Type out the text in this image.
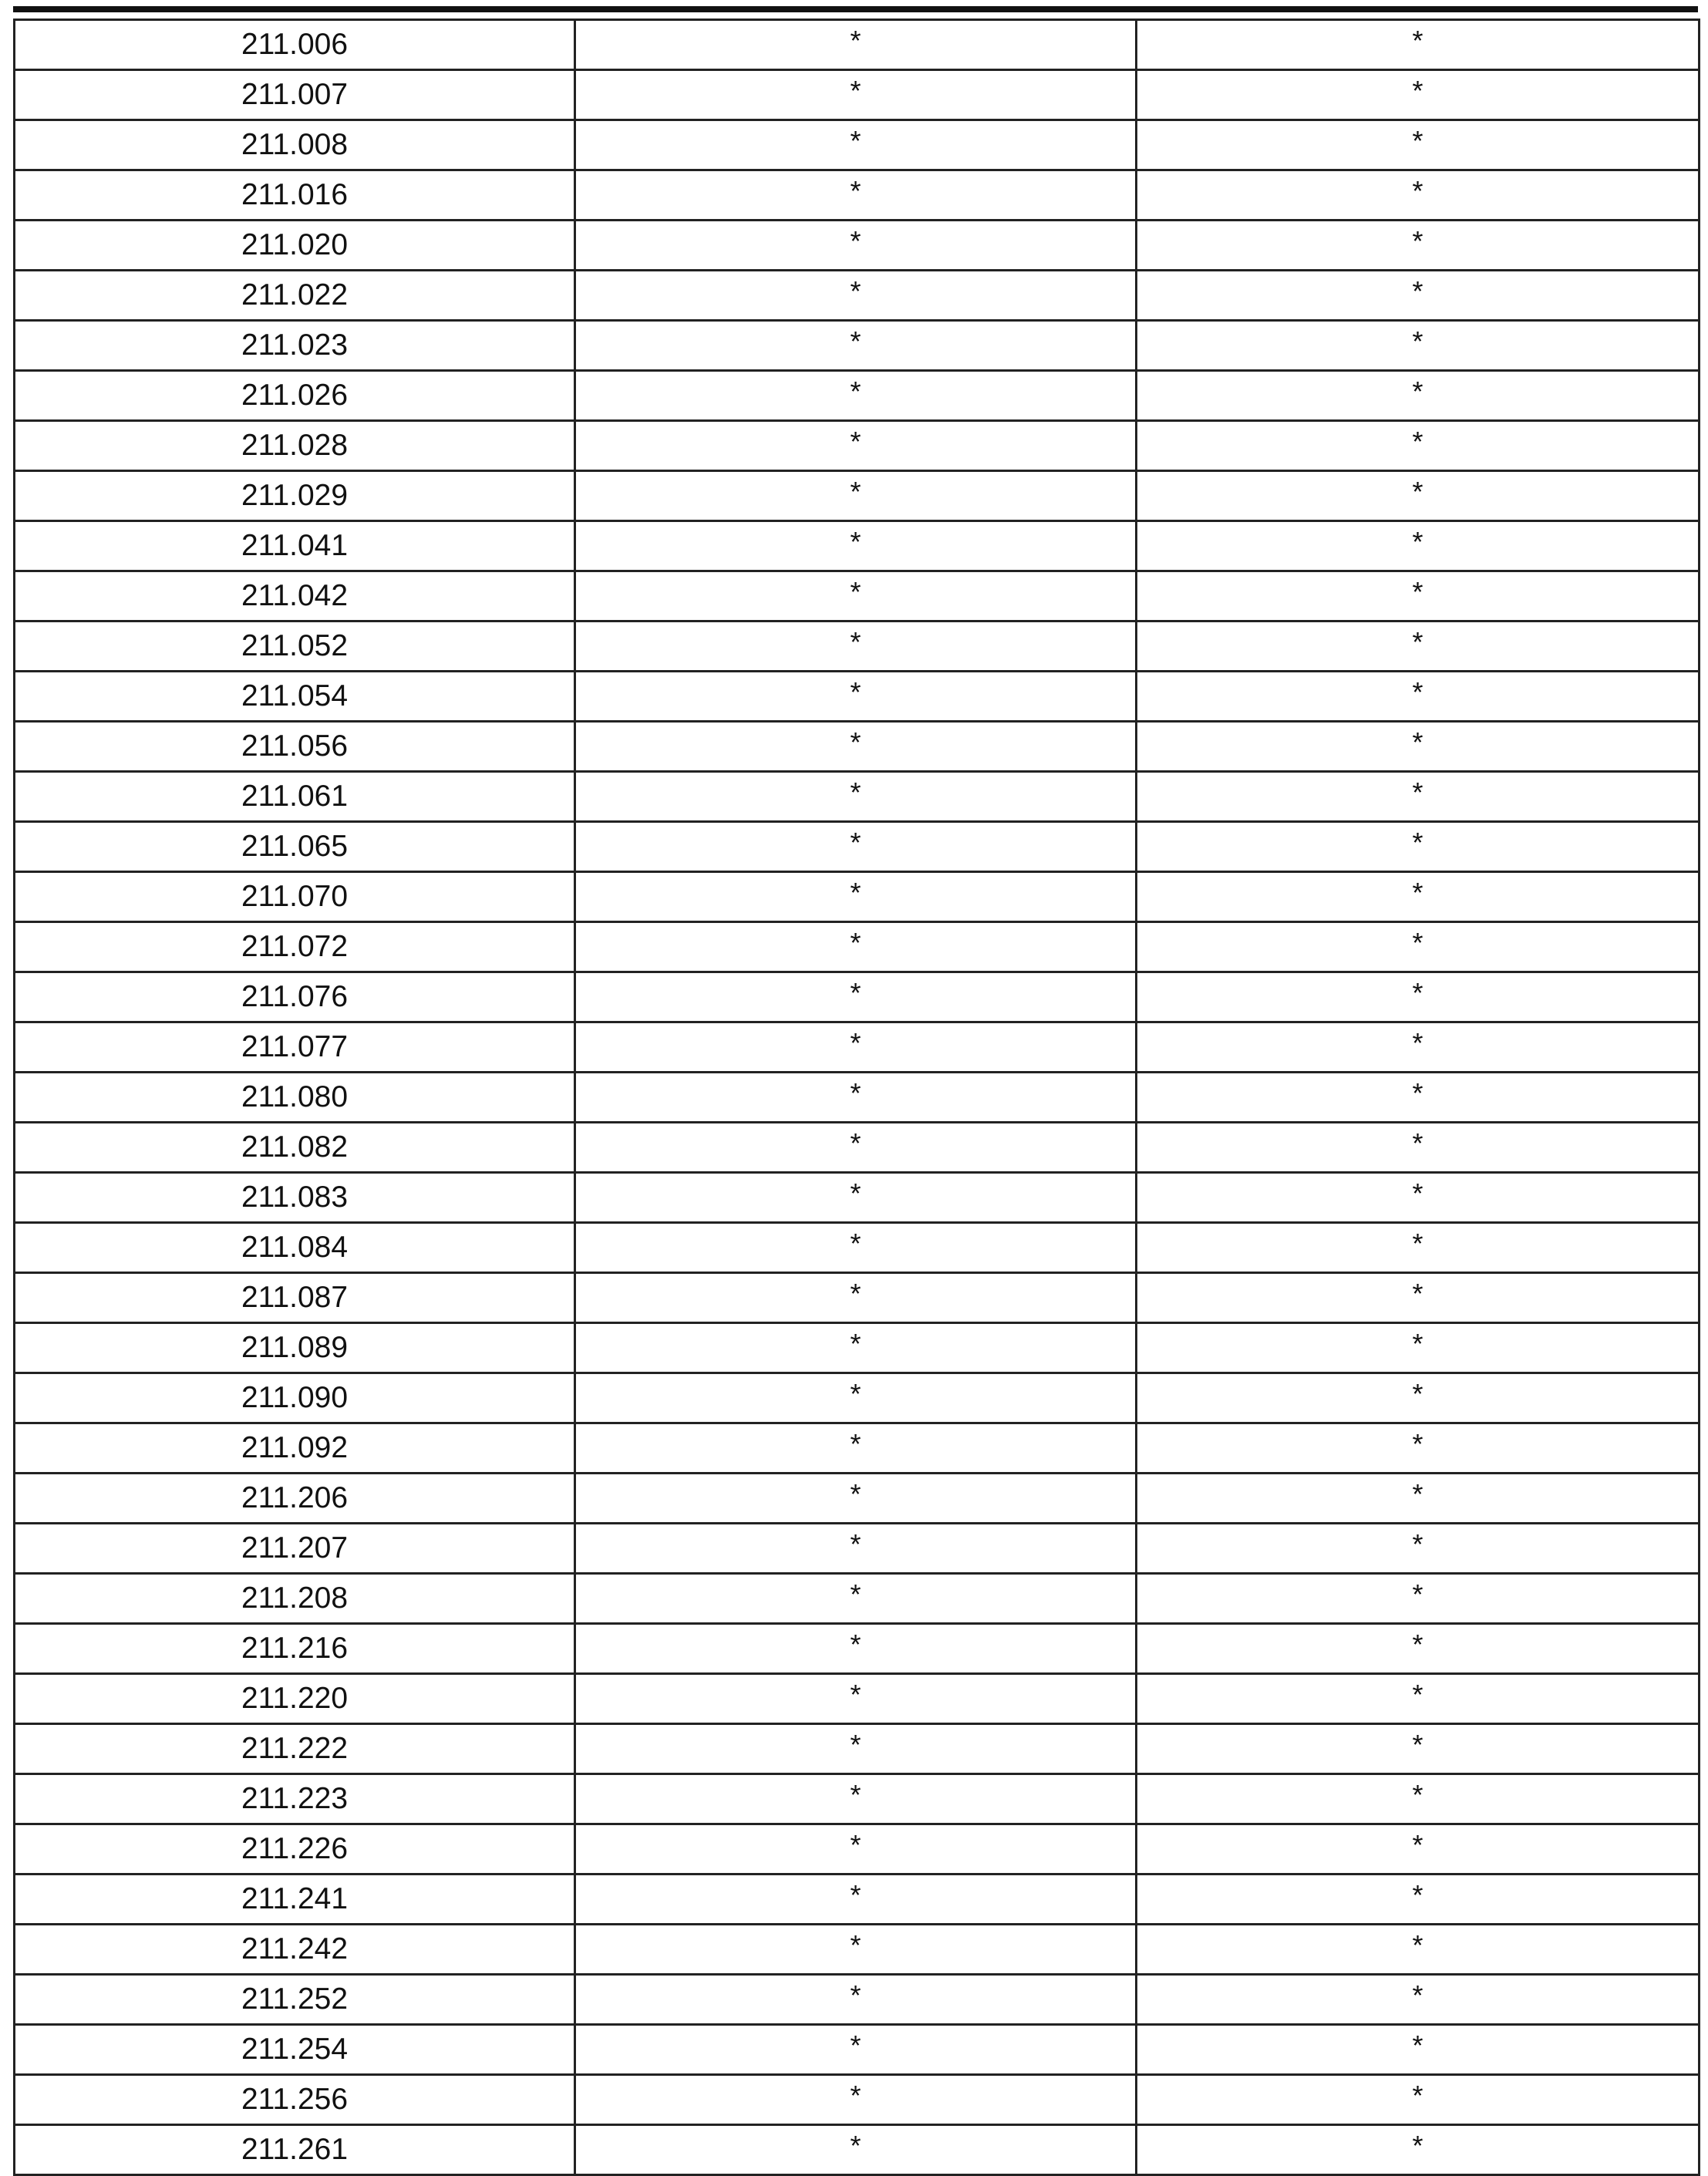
211.006	*	*
211.007	*	*
211.008	*	*
211.016	*	*
211.020	*	*
211.022	*	*
211.023	*	*
211.026	*	*
211.028	*	*
211.029	*	*
211.041	*	*
211.042	*	*
211.052	*	*
211.054	*	*
211.056	*	*
211.061	*	*
211.065	*	*
211.070	*	*
211.072	*	*
211.076	*	*
211.077	*	*
211.080	*	*
211.082	*	*
211.083	*	*
211.084	*	*
211.087	*	*
211.089	*	*
211.090	*	*
211.092	*	*
211.206	*	*
211.207	*	*
211.208	*	*
211.216	*	*
211.220	*	*
211.222	*	*
211.223	*	*
211.226	*	*
211.241	*	*
211.242	*	*
211.252	*	*
211.254	*	*
211.256	*	*
211.261	*	*
